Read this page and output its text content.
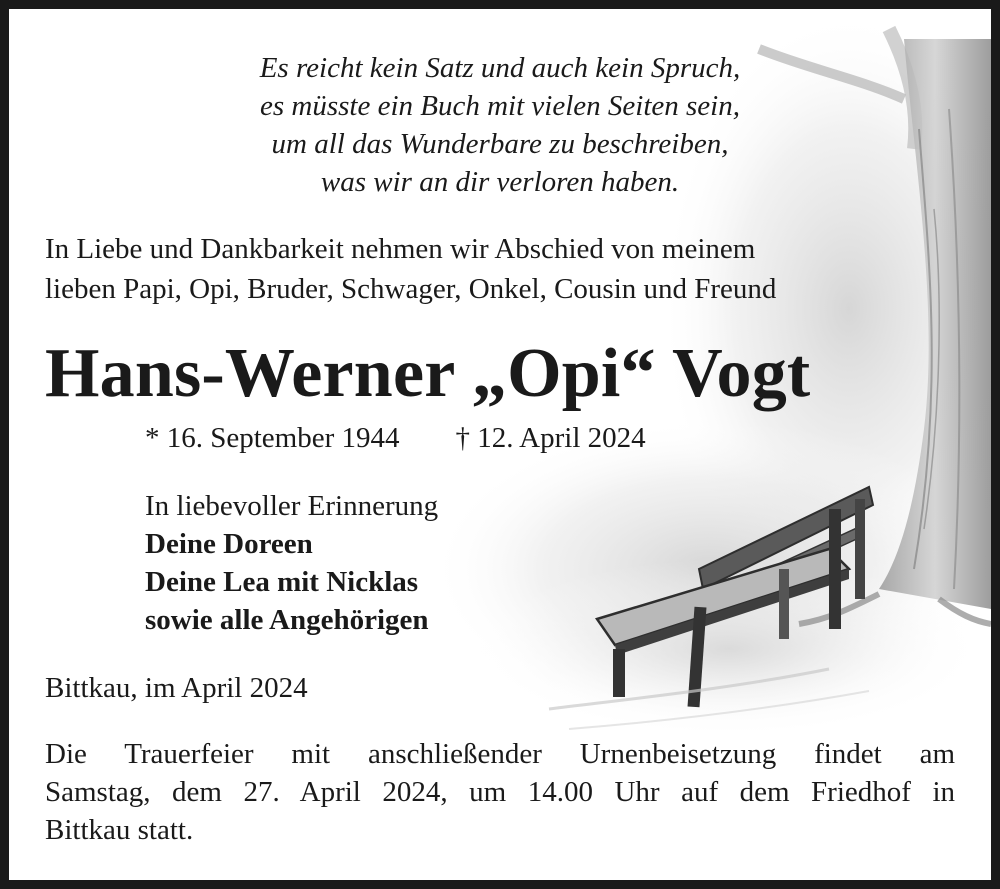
Es reicht kein Satz und auch kein Spruch,
es müsste ein Buch mit vielen Seiten sein,
um all das Wunderbare zu beschreiben,
was wir an dir verloren haben.
In Liebe und Dankbarkeit nehmen wir Abschied von meinem
lieben Papi, Opi, Bruder, Schwager, Onkel, Cousin und Freund
Hans-Werner „Opi“ Vogt
* 16. September 1944 † 12. April 2024
In liebevoller Erinnerung
Deine Doreen
Deine Lea mit Nicklas
sowie alle Angehörigen
Bittkau, im April 2024
Die Trauerfeier mit anschließender Urnenbeisetzung findet am
Samstag, dem 27. April 2024, um 14.00 Uhr auf dem Friedhof in
Bittkau statt.
